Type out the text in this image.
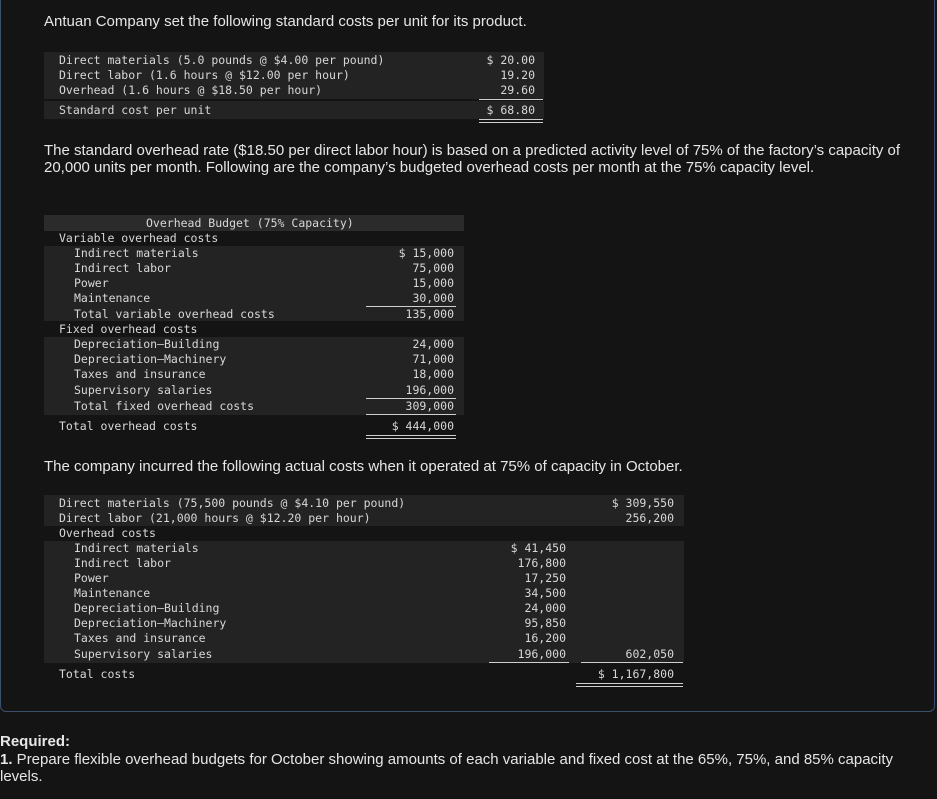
Antuan Company set the following standard costs per unit for its product.
Direct materials (5.0 pounds @ $4.00 per pound)	$ 20.00
Direct labor (1.6 hours @ $12.00 per hour)	19.20
Overhead (1.6 hours @ $18.50 per hour)	29.60
Standard cost per unit	$ 68.80
The standard overhead rate ($18.50 per direct labor hour) is based on a predicted activity level of 75% of the factory’s capacity of 20,000 units per month. Following are the company’s budgeted overhead costs per month at the 75% capacity level.
Overhead Budget (75% Capacity)
Variable overhead costs
Indirect materials	$ 15,000
Indirect labor	75,000
Power	15,000
Maintenance	30,000
Total variable overhead costs	135,000
Fixed overhead costs
Depreciation—Building	24,000
Depreciation—Machinery	71,000
Taxes and insurance	18,000
Supervisory salaries	196,000
Total fixed overhead costs	309,000
Total overhead costs	$ 444,000
The company incurred the following actual costs when it operated at 75% of capacity in October.
Direct materials (75,500 pounds @ $4.10 per pound)	$ 309,550
Direct labor (21,000 hours @ $12.20 per hour)	256,200
Overhead costs
Indirect materials	$ 41,450
Indirect labor	176,800
Power	17,250
Maintenance	34,500
Depreciation—Building	24,000
Depreciation—Machinery	95,850
Taxes and insurance	16,200
Supervisory salaries	196,000	602,050
Total costs	$ 1,167,800
Required:
1. Prepare flexible overhead budgets for October showing amounts of each variable and fixed cost at the 65%, 75%, and 85% capacity levels.
